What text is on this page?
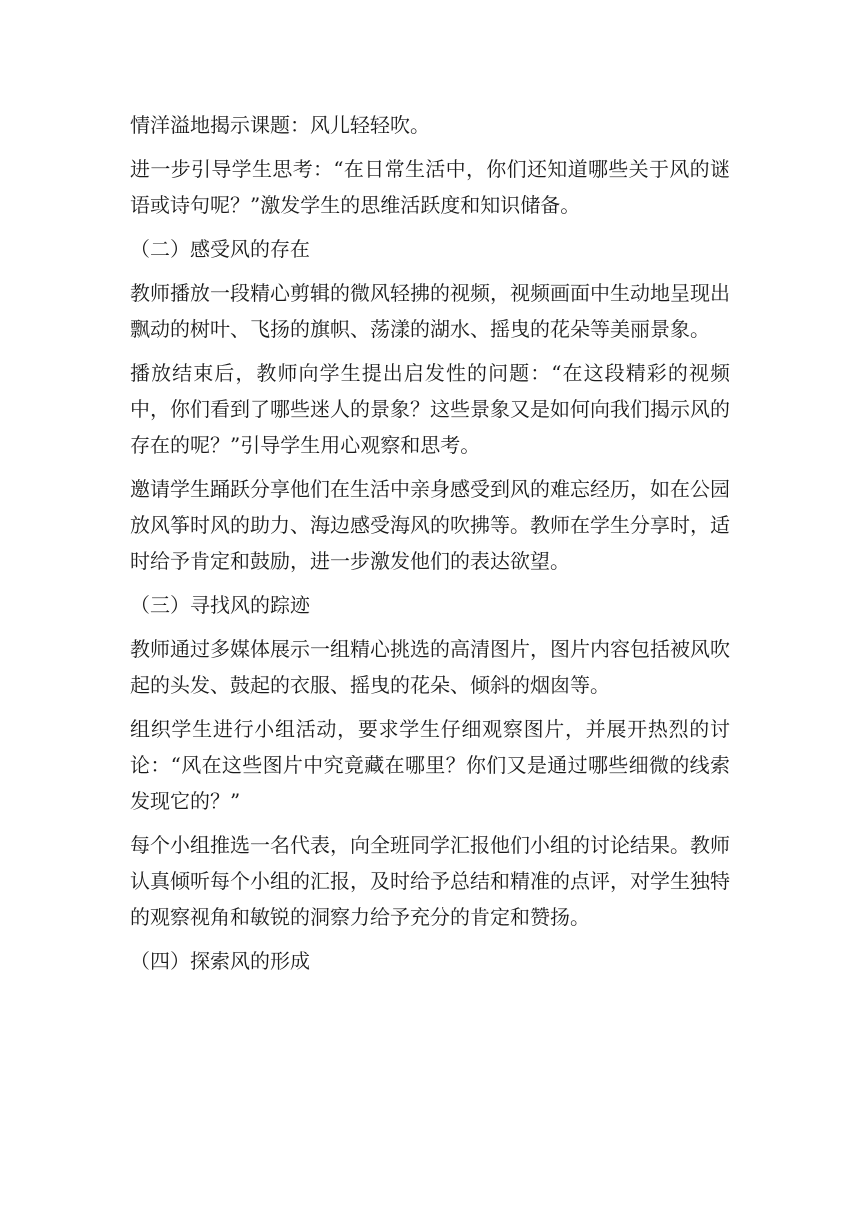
情洋溢地揭示课题：风儿轻轻吹。

进一步引导学生思考：“在日常生活中，你们还知道哪些关于风的谜语或诗句呢？”激发学生的思维活跃度和知识储备。

（二）感受风的存在

教师播放一段精心剪辑的微风轻拂的视频，视频画面中生动地呈现出飘动的树叶、飞扬的旗帜、荡漾的湖水、摇曳的花朵等美丽景象。

播放结束后，教师向学生提出启发性的问题：“在这段精彩的视频中，你们看到了哪些迷人的景象？这些景象又是如何向我们揭示风的存在的呢？”引导学生用心观察和思考。

邀请学生踊跃分享他们在生活中亲身感受到风的难忘经历，如在公园放风筝时风的助力、海边感受海风的吹拂等。教师在学生分享时，适时给予肯定和鼓励，进一步激发他们的表达欲望。

（三）寻找风的踪迹

教师通过多媒体展示一组精心挑选的高清图片，图片内容包括被风吹起的头发、鼓起的衣服、摇曳的花朵、倾斜的烟囱等。

组织学生进行小组活动，要求学生仔细观察图片，并展开热烈的讨论：“风在这些图片中究竟藏在哪里？你们又是通过哪些细微的线索发现它的？”

每个小组推选一名代表，向全班同学汇报他们小组的讨论结果。教师认真倾听每个小组的汇报，及时给予总结和精准的点评，对学生独特的观察视角和敏锐的洞察力给予充分的肯定和赞扬。

（四）探索风的形成
